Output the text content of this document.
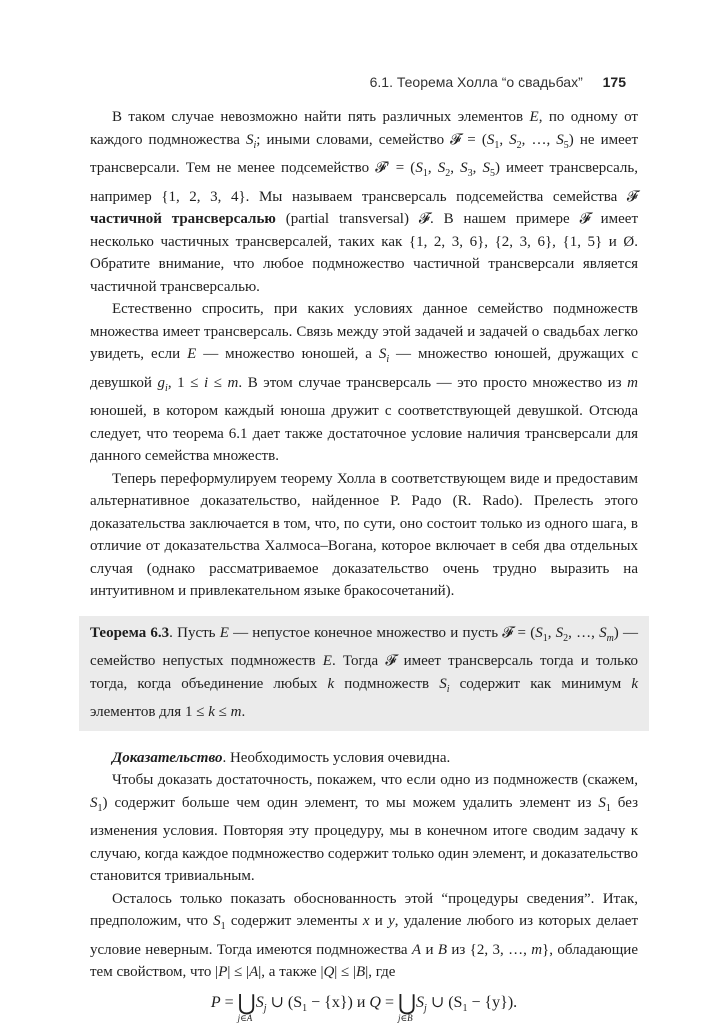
6.1. Теорема Холла “о свадьбах” 175

В таком случае невозможно найти пять различных элементов E, по одному от каждого подмножества $S_i$; иными словами, семейство 𝓕 = ($S_1$, $S_2$, …, $S_5$) не имеет трансверсали. Тем не менее подсемейство 𝓕′ = ($S_1$, $S_2$, $S_3$, $S_5$) имеет трансверсаль, например {1, 2, 3, 4}. Мы называем трансверсаль подсемейства семейства 𝓕 частичной трансверсалью (partial transversal) 𝓕. В нашем примере 𝓕 имеет несколько частичных трансверсалей, таких как {1, 2, 3, 6}, {2, 3, 6}, {1, 5} и Ø. Обратите внимание, что любое подмножество частичной трансверсали является частичной трансверсалью.

Естественно спросить, при каких условиях данное семейство подмножеств множества имеет трансверсаль. Связь между этой задачей и задачей о свадьбах легко увидеть, если E — множество юношей, а $S_i$ — множество юношей, дружащих с девушкой $g_i$, 1 ≤ i ≤ m. В этом случае трансверсаль — это просто множество из m юношей, в котором каждый юноша дружит с соответствующей девушкой. Отсюда следует, что теорема 6.1 дает также достаточное условие наличия трансверсали для данного семейства множеств.

Теперь переформулируем теорему Холла в соответствующем виде и предоставим альтернативное доказательство, найденное Р. Радо (R. Rado). Прелесть этого доказательства заключается в том, что, по сути, оно состоит только из одного шага, в отличие от доказательства Халмоса–Вогана, которое включает в себя два отдельных случая (однако рассматриваемое доказательство очень трудно выразить на интуитивном и привлекательном языке бракосочетаний).

Теорема 6.3. Пусть E — непустое конечное множество и пусть 𝓕 = ($S_1$, $S_2$, …, $S_m$) — семейство непустых подмножеств E. Тогда 𝓕 имеет трансверсаль тогда и только тогда, когда объединение любых k подмножеств $S_i$ содержит как минимум k элементов для 1 ≤ k ≤ m.

Доказательство. Необходимость условия очевидна.

Чтобы доказать достаточность, покажем, что если одно из подмножеств (скажем, $S_1$) содержит больше чем один элемент, то мы можем удалить элемент из $S_1$ без изменения условия. Повторяя эту процедуру, мы в конечном итоге сводим задачу к случаю, когда каждое подмножество содержит только один элемент, и доказательство становится тривиальным.

Осталось только показать обоснованность этой “процедуры сведения”. Итак, предположим, что $S_1$ содержит элементы x и y, удаление любого из которых делает условие неверным. Тогда имеются подмножества A и B из {2, 3, …, m}, обладающие тем свойством, что |P| ≤ |A|, а также |Q| ≤ |B|, где

P = ⋃
j∈A
$S_j$ ∪ $(S_1 - \{x\})$ и Q = ⋃
j∈B
$S_j$ ∪ $(S_1 - \{y\})$.
